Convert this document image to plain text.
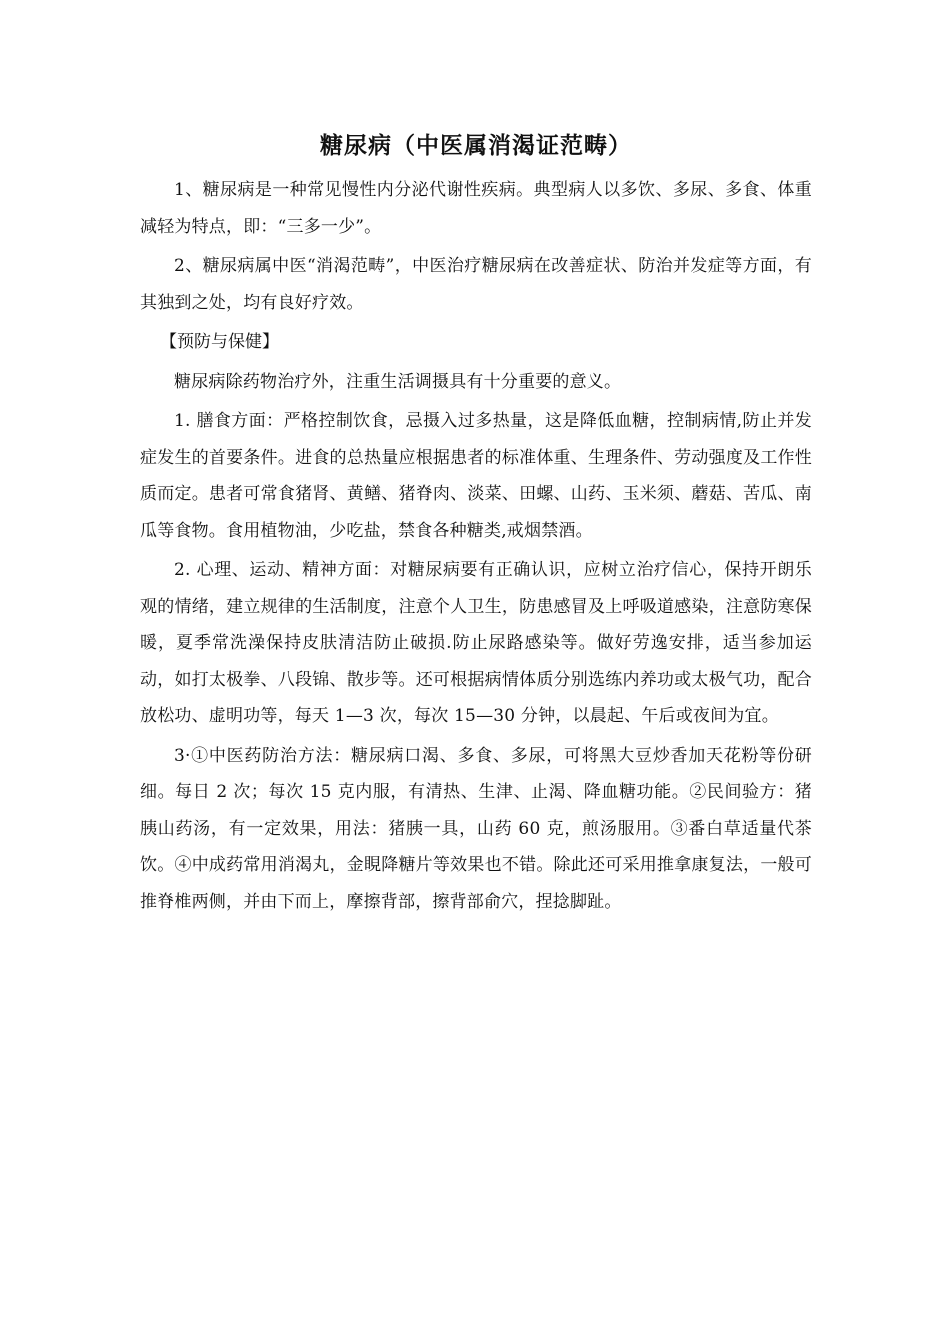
糖尿病（中医属消渴证范畴）

1、糖尿病是一种常见慢性内分泌代谢性疾病。典型病人以多饮、多尿、多食、体重减轻为特点，即：“三多一少”。

2、糖尿病属中医“消渴范畴”，中医治疗糖尿病在改善症状、防治并发症等方面，有其独到之处，均有良好疗效。

【预防与保健】

糖尿病除药物治疗外，注重生活调摄具有十分重要的意义。

1. 膳食方面：严格控制饮食，忌摄入过多热量，这是降低血糖，控制病情,防止并发症发生的首要条件。进食的总热量应根据患者的标准体重、生理条件、劳动强度及工作性质而定。患者可常食猪肾、黄鳝、猪脊肉、淡菜、田螺、山药、玉米须、蘑菇、苦瓜、南瓜等食物。食用植物油，少吃盐，禁食各种糖类,戒烟禁酒。

2. 心理、运动、精神方面：对糖尿病要有正确认识，应树立治疗信心，保持开朗乐观的情绪，建立规律的生活制度，注意个人卫生，防患感冒及上呼吸道感染，注意防寒保暖，夏季常洗澡保持皮肤清洁防止破损.防止尿路感染等。做好劳逸安排，适当参加运动，如打太极拳、八段锦、散步等。还可根据病情体质分别选练内养功或太极气功，配合放松功、虚明功等，每天 1—3 次，每次 15—30 分钟，以晨起、午后或夜间为宜。

3·①中医药防治方法：糖尿病口渴、多食、多尿，可将黑大豆炒香加天花粉等份研细。每日 2 次；每次 15 克内服，有清热、生津、止渴、降血糖功能。②民间验方：猪胰山药汤，有一定效果，用法：猪胰一具，山药 60 克，煎汤服用。③番白草适量代茶饮。④中成药常用消渴丸，金睍降糖片等效果也不错。除此还可采用推拿康复法，一般可推脊椎两侧，并由下而上，摩擦背部，擦背部俞穴，捏捻脚趾。
